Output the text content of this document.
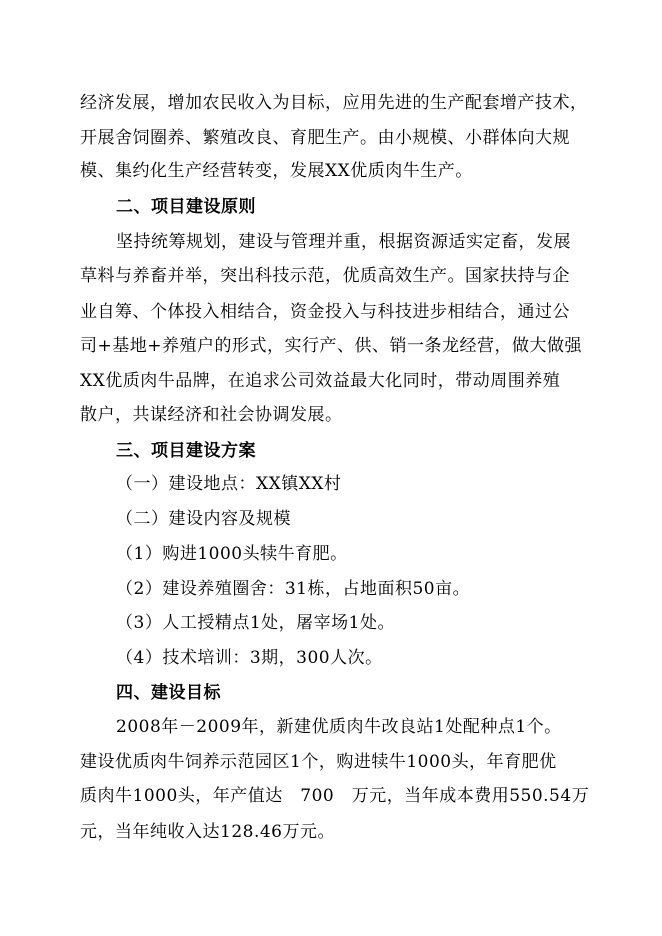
经济发展，增加农民收入为目标，应用先进的生产配套增产技术，
开展舍饲圈养、繁殖改良、育肥生产。由小规模、小群体向大规
模、集约化生产经营转变，发展XX优质肉牛生产。
二、项目建设原则
坚持统筹规划，建设与管理并重，根据资源适实定畜，发展
草料与养畜并举，突出科技示范，优质高效生产。国家扶持与企
业自筹、个体投入相结合，资金投入与科技进步相结合，通过公
司+基地+养殖户的形式，实行产、供、销一条龙经营，做大做强
XX优质肉牛品牌，在追求公司效益最大化同时，带动周围养殖
散户，共谋经济和社会协调发展。
三、项目建设方案
（一）建设地点：XX镇XX村
（二）建设内容及规模
（1）购进1000头犊牛育肥。
（2）建设养殖圈舍：31栋，占地面积50亩。
（3）人工授精点1处，屠宰场1处。
（4）技术培训：3期，300人次。
四、建设目标
2008年－2009年，新建优质肉牛改良站1处配种点1个。
建设优质肉牛饲养示范园区1个，购进犊牛1000头，年育肥优
质肉牛1000头，年产值达　700　万元，当年成本费用550.54万
元，当年纯收入达128.46万元。
